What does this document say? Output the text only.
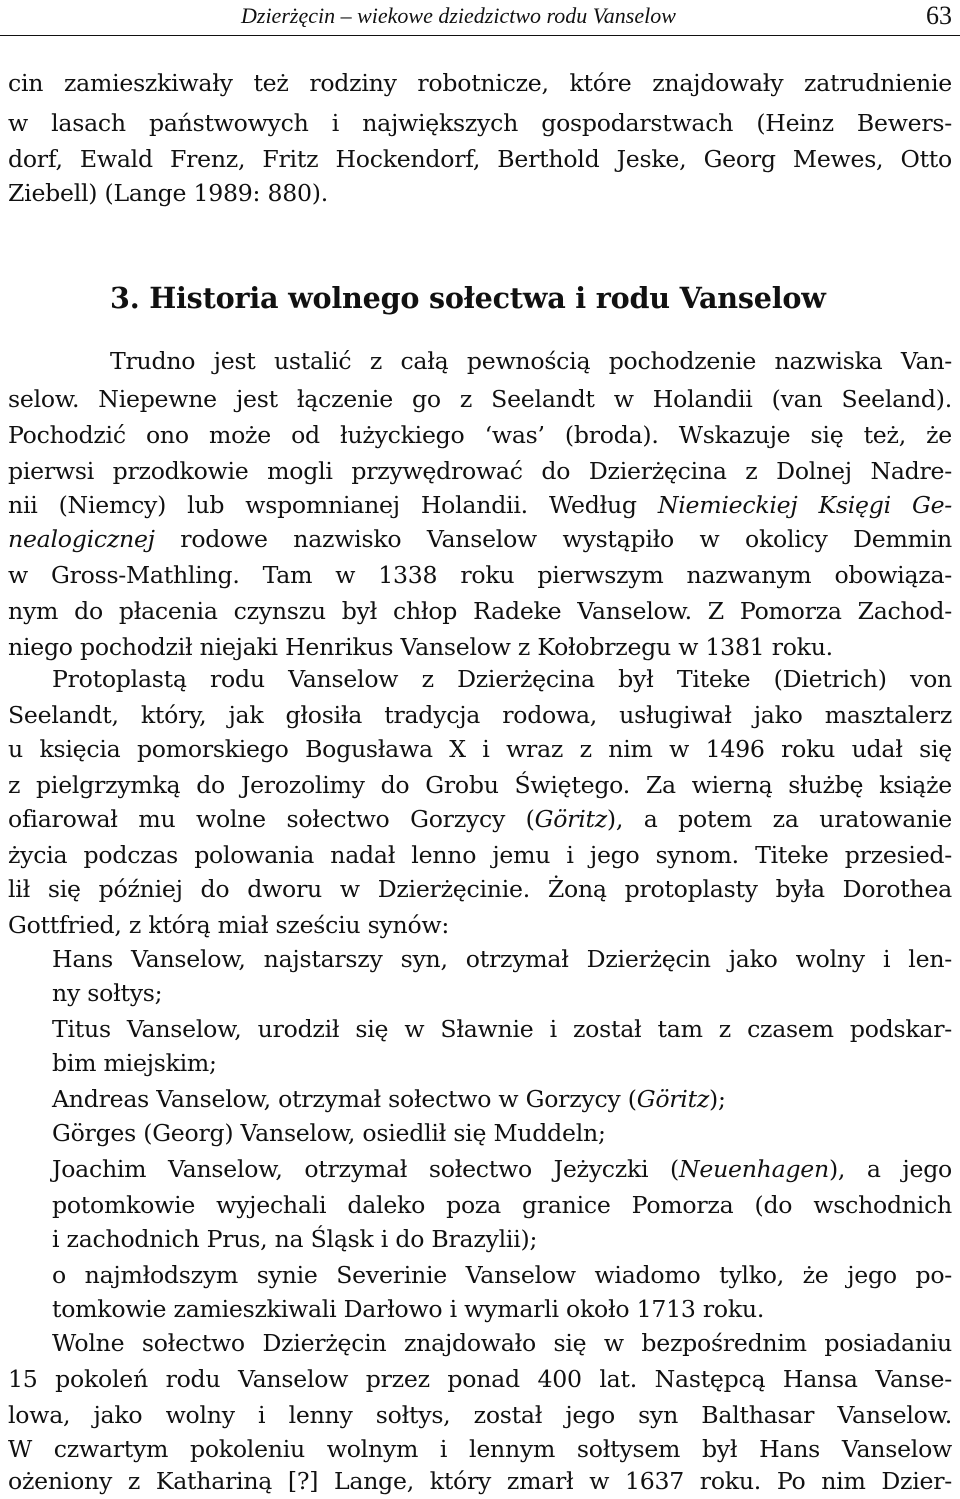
Dzierżęcin – wiekowe dziedzictwo rodu Vanselow	63
3. Historia wolnego sołectwa i rodu Vanselow
cin zamieszkiwały też rodziny robotnicze, które znajdowały zatrudnienie
w lasach państwowych i największych gospodarstwach (Heinz Bewers-
dorf, Ewald Frenz, Fritz Hockendorf, Berthold Jeske, Georg Mewes, Otto
Ziebell) (Lange 1989: 880).
Trudno jest ustalić z całą pewnością pochodzenie nazwiska Van-
selow. Niepewne jest łączenie go z Seelandt w Holandii (van Seeland).
Pochodzić ono może od łużyckiego ‘was’ (broda). Wskazuje się też, że
pierwsi przodkowie mogli przywędrować do Dzierżęcina z Dolnej Nadre-
nii (Niemcy) lub wspomnianej Holandii. Według Niemieckiej Księgi Ge-
nealogicznej rodowe nazwisko Vanselow wystąpiło w okolicy Demmin
w Gross-Mathling. Tam w 1338 roku pierwszym nazwanym obowiąza-
nym do płacenia czynszu był chłop Radeke Vanselow. Z Pomorza Zachod-
niego pochodził niejaki Henrikus Vanselow z Kołobrzegu w 1381 roku.
Protoplastą rodu Vanselow z Dzierżęcina był Titeke (Dietrich) von
Seelandt, który, jak głosiła tradycja rodowa, usługiwał jako masztalerz
u księcia pomorskiego Bogusława X i wraz z nim w 1496 roku udał się
z pielgrzymką do Jerozolimy do Grobu Świętego. Za wierną służbę książe
ofiarował mu wolne sołectwo Gorzycy (Göritz), a potem za uratowanie
życia podczas polowania nadał lenno jemu i jego synom. Titeke przesied-
lił się później do dworu w Dzierżęcinie. Żoną protoplasty była Dorothea
Gottfried, z którą miał sześciu synów:
Hans Vanselow, najstarszy syn, otrzymał Dzierżęcin jako wolny i len-
ny sołtys;
Titus Vanselow, urodził się w Sławnie i został tam z czasem podskar-
bim miejskim;
Andreas Vanselow, otrzymał sołectwo w Gorzycy (Göritz);
Görges (Georg) Vanselow, osiedlił się Muddeln;
Joachim Vanselow, otrzymał sołectwo Jeżyczki (Neuenhagen), a jego
potomkowie wyjechali daleko poza granice Pomorza (do wschodnich
i zachodnich Prus, na Śląsk i do Brazylii);
o najmłodszym synie Severinie Vanselow wiadomo tylko, że jego po-
tomkowie zamieszkiwali Darłowo i wymarli około 1713 roku.
Wolne sołectwo Dzierżęcin znajdowało się w bezpośrednim posiadaniu
15 pokoleń rodu Vanselow przez ponad 400 lat. Następcą Hansa Vanse-
lowa, jako wolny i lenny sołtys, został jego syn Balthasar Vanselow.
W czwartym pokoleniu wolnym i lennym sołtysem był Hans Vanselow
ożeniony z Kathariną [?] Lange, który zmarł w 1637 roku. Po nim Dzier-
